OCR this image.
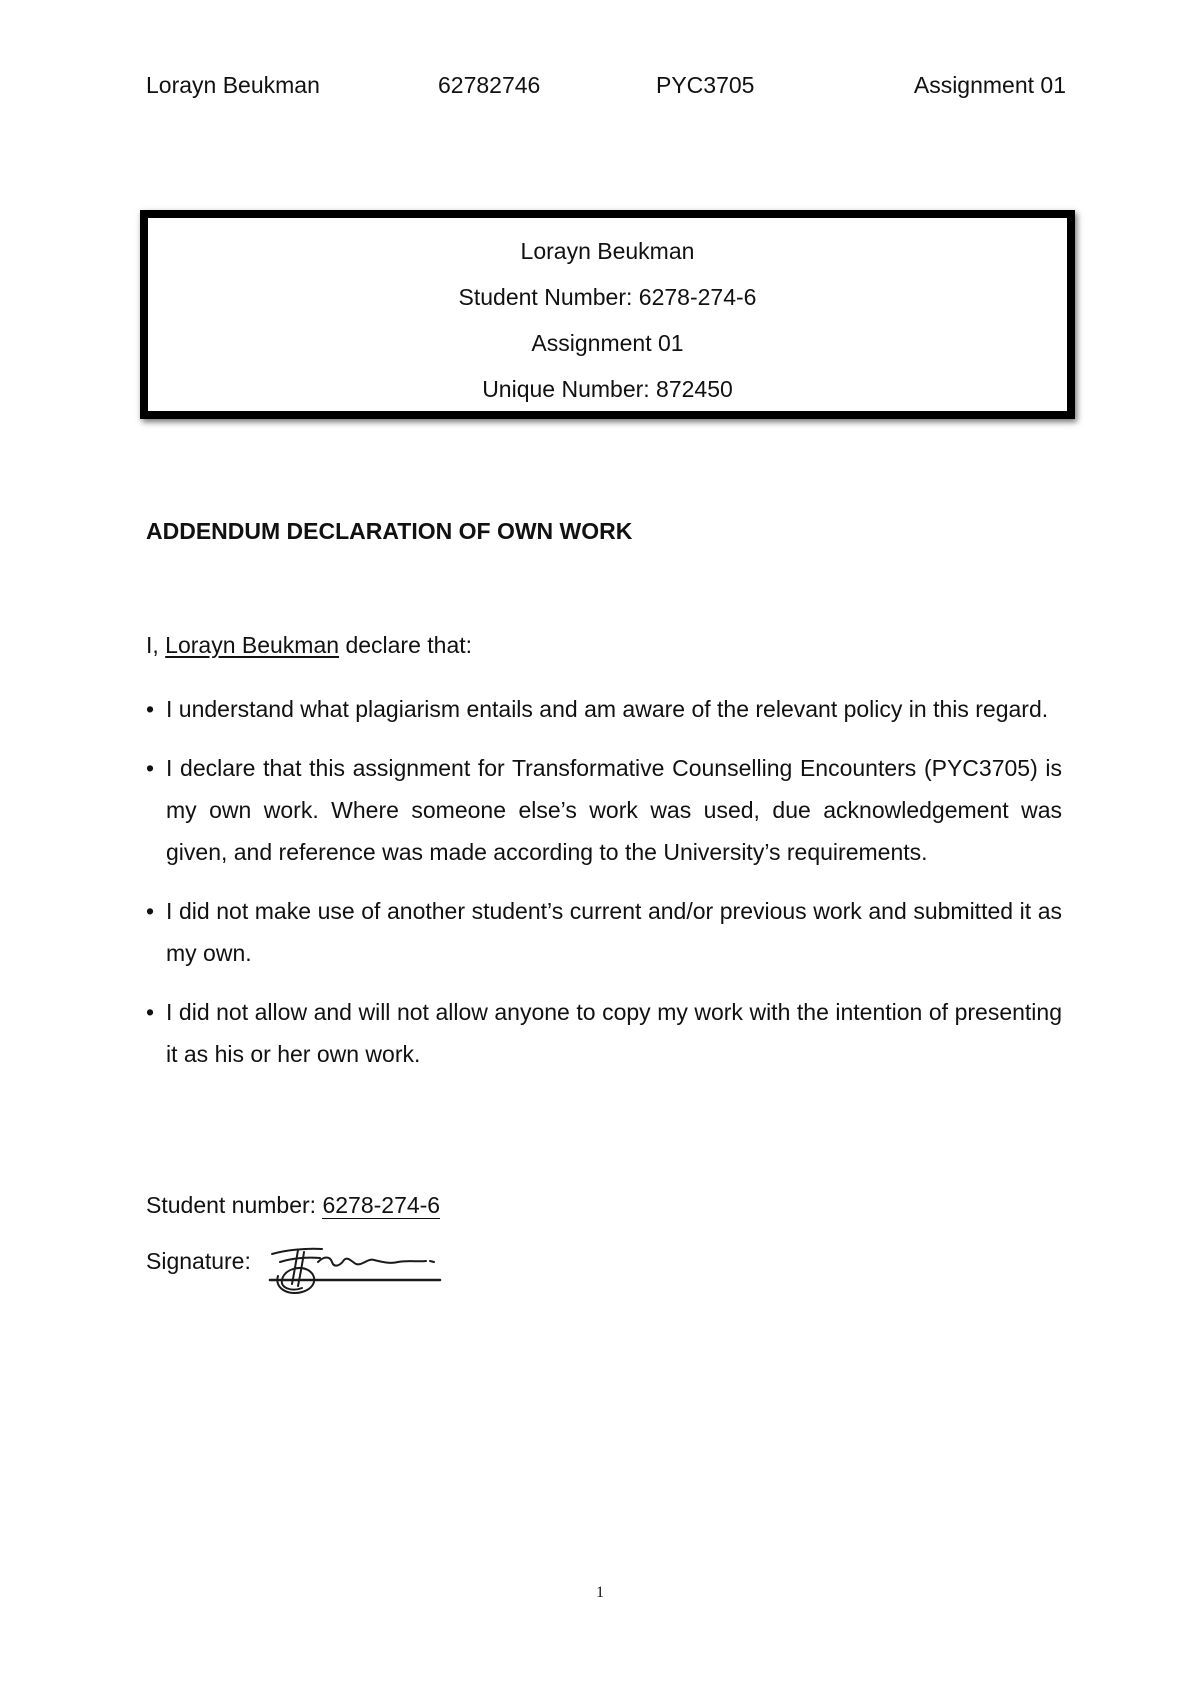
Lorayn Beukman	62782746	PYC3705	Assignment 01
Lorayn Beukman
Student Number: 6278-274-6
Assignment 01
Unique Number: 872450
ADDENDUM DECLARATION OF OWN WORK
I, Lorayn Beukman declare that:
• I understand what plagiarism entails and am aware of the relevant policy in this regard.
• I declare that this assignment for Transformative Counselling Encounters (PYC3705) is my own work. Where someone else’s work was used, due acknowledgement was given, and reference was made according to the University’s requirements.
• I did not make use of another student’s current and/or previous work and submitted it as my own.
• I did not allow and will not allow anyone to copy my work with the intention of presenting it as his or her own work.
Student number: 6278-274-6
Signature:
1
